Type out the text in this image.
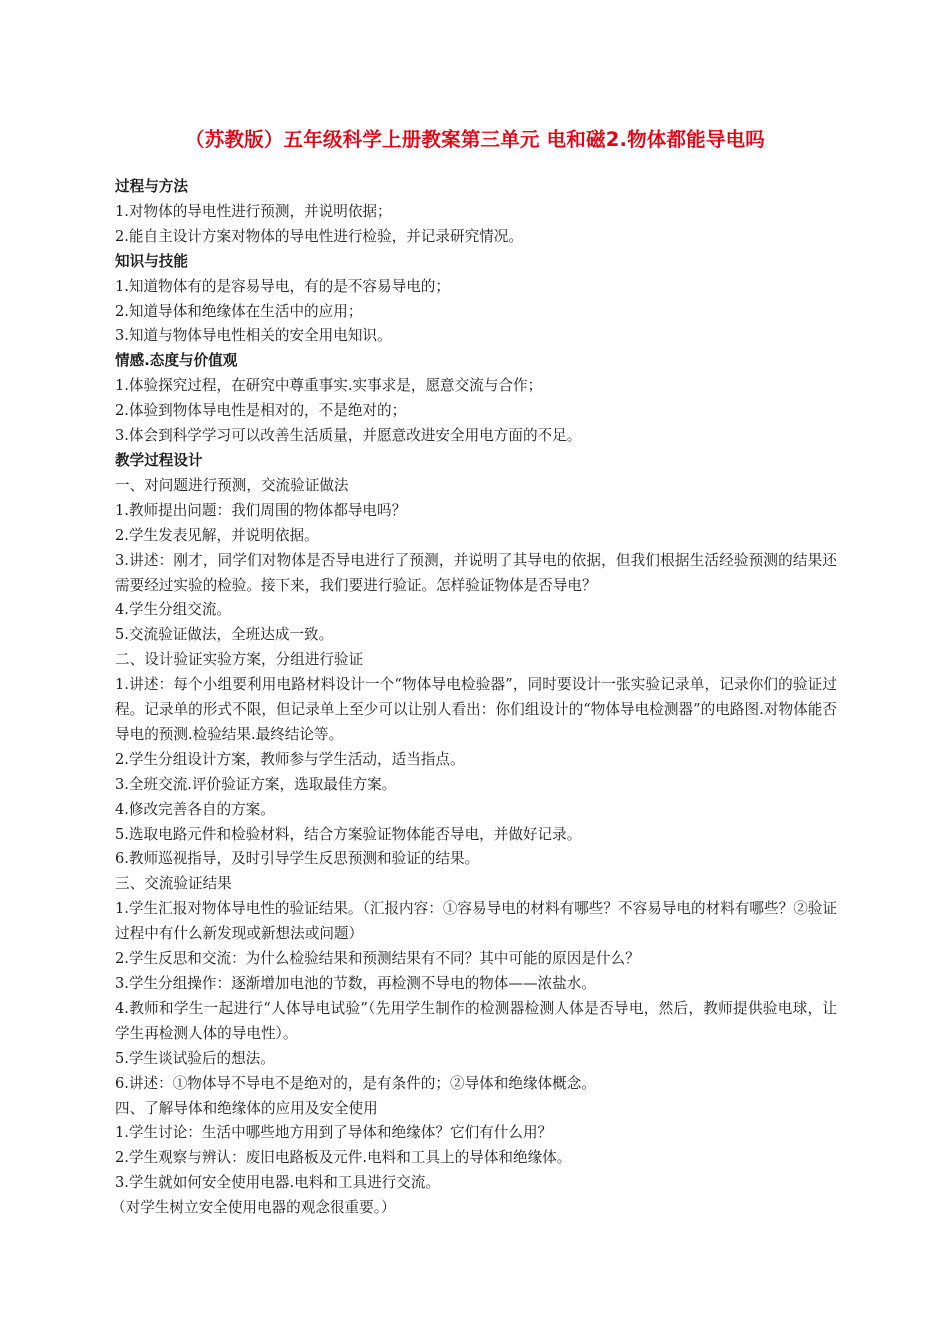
（苏教版）五年级科学上册教案第三单元 电和磁2.物体都能导电吗

过程与方法

1.对物体的导电性进行预测，并说明依据；

2.能自主设计方案对物体的导电性进行检验，并记录研究情况。

知识与技能

1.知道物体有的是容易导电，有的是不容易导电的；

2.知道导体和绝缘体在生活中的应用；

3.知道与物体导电性相关的安全用电知识。

情感.态度与价值观

1.体验探究过程，在研究中尊重事实.实事求是，愿意交流与合作；

2.体验到物体导电性是相对的，不是绝对的；

3.体会到科学学习可以改善生活质量，并愿意改进安全用电方面的不足。

教学过程设计

一、对问题进行预测，交流验证做法

1.教师提出问题：我们周围的物体都导电吗？

2.学生发表见解，并说明依据。

3.讲述：刚才，同学们对物体是否导电进行了预测，并说明了其导电的依据，但我们根据生活经验预测的结果还需要经过实验的检验。接下来，我们要进行验证。怎样验证物体是否导电？

4.学生分组交流。

5.交流验证做法，全班达成一致。

二、设计验证实验方案，分组进行验证

1.讲述：每个小组要利用电路材料设计一个“物体导电检验器”，同时要设计一张实验记录单，记录你们的验证过程。记录单的形式不限，但记录单上至少可以让别人看出：你们组设计的“物体导电检测器”的电路图.对物体能否导电的预测.检验结果.最终结论等。

2.学生分组设计方案，教师参与学生活动，适当指点。

3.全班交流.评价验证方案，选取最佳方案。

4.修改完善各自的方案。

5.选取电路元件和检验材料，结合方案验证物体能否导电，并做好记录。

6.教师巡视指导，及时引导学生反思预测和验证的结果。

三、交流验证结果

1.学生汇报对物体导电性的验证结果。（汇报内容：①容易导电的材料有哪些？不容易导电的材料有哪些？②验证过程中有什么新发现或新想法或问题）

2.学生反思和交流：为什么检验结果和预测结果有不同？其中可能的原因是什么？

3.学生分组操作：逐渐增加电池的节数，再检测不导电的物体——浓盐水。

4.教师和学生一起进行“人体导电试验”（先用学生制作的检测器检测人体是否导电，然后，教师提供验电球，让学生再检测人体的导电性）。

5.学生谈试验后的想法。

6.讲述：①物体导不导电不是绝对的，是有条件的；②导体和绝缘体概念。

四、了解导体和绝缘体的应用及安全使用

1.学生讨论：生活中哪些地方用到了导体和绝缘体？它们有什么用？

2.学生观察与辨认：废旧电路板及元件.电料和工具上的导体和绝缘体。

3.学生就如何安全使用电器.电料和工具进行交流。

（对学生树立安全使用电器的观念很重要。）
